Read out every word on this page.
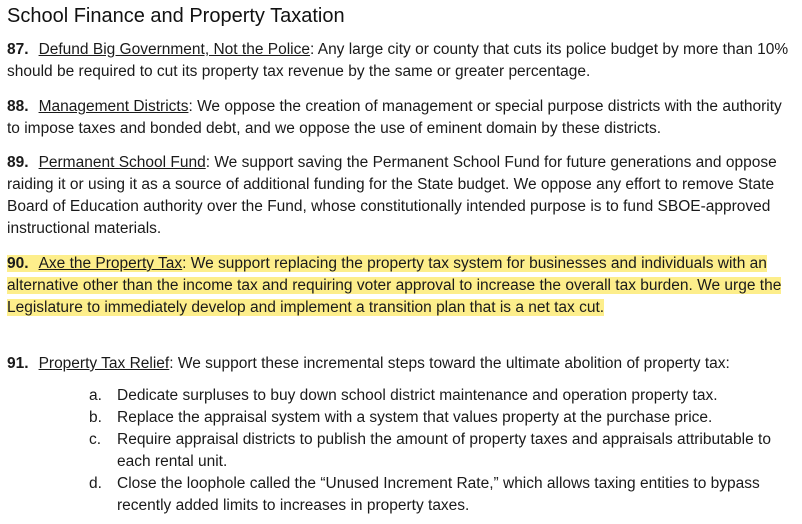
School Finance and Property Taxation

87. Defund Big Government, Not the Police: Any large city or county that cuts its police budget by more than 10% should be required to cut its property tax revenue by the same or greater percentage.

88. Management Districts: We oppose the creation of management or special purpose districts with the authority to impose taxes and bonded debt, and we oppose the use of eminent domain by these districts.

89. Permanent School Fund: We support saving the Permanent School Fund for future generations and oppose raiding it or using it as a source of additional funding for the State budget. We oppose any effort to remove State Board of Education authority over the Fund, whose constitutionally intended purpose is to fund SBOE-approved instructional materials.

90. Axe the Property Tax: We support replacing the property tax system for businesses and individuals with an alternative other than the income tax and requiring voter approval to increase the overall tax burden. We urge the Legislature to immediately develop and implement a transition plan that is a net tax cut.

91. Property Tax Relief: We support these incremental steps toward the ultimate abolition of property tax:

a. Dedicate surpluses to buy down school district maintenance and operation property tax.
b. Replace the appraisal system with a system that values property at the purchase price.
c. Require appraisal districts to publish the amount of property taxes and appraisals attributable to each rental unit.
d. Close the loophole called the “Unused Increment Rate,” which allows taxing entities to bypass recently added limits to increases in property taxes.
